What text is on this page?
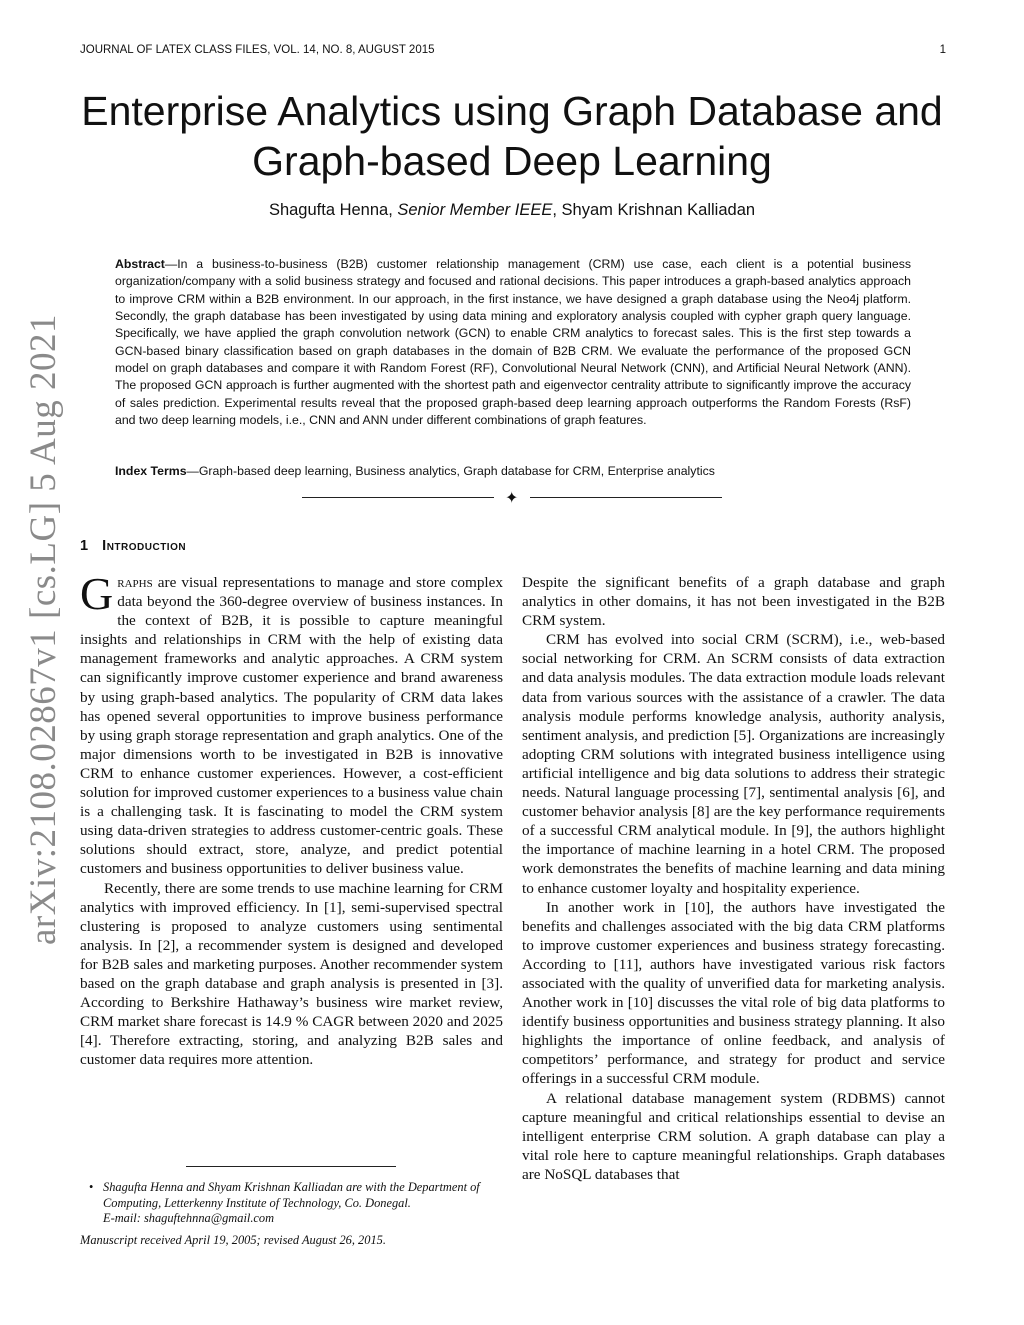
JOURNAL OF LATEX CLASS FILES, VOL. 14, NO. 8, AUGUST 2015	1
arXiv:2108.02867v1 [cs.LG] 5 Aug 2021
Enterprise Analytics using Graph Database and Graph-based Deep Learning
Shagufta Henna, Senior Member IEEE, Shyam Krishnan Kalliadan
Abstract—In a business-to-business (B2B) customer relationship management (CRM) use case, each client is a potential business organization/company with a solid business strategy and focused and rational decisions. This paper introduces a graph-based analytics approach to improve CRM within a B2B environment. In our approach, in the first instance, we have designed a graph database using the Neo4j platform. Secondly, the graph database has been investigated by using data mining and exploratory analysis coupled with cypher graph query language. Specifically, we have applied the graph convolution network (GCN) to enable CRM analytics to forecast sales. This is the first step towards a GCN-based binary classification based on graph databases in the domain of B2B CRM. We evaluate the performance of the proposed GCN model on graph databases and compare it with Random Forest (RF), Convolutional Neural Network (CNN), and Artificial Neural Network (ANN). The proposed GCN approach is further augmented with the shortest path and eigenvector centrality attribute to significantly improve the accuracy of sales prediction. Experimental results reveal that the proposed graph-based deep learning approach outperforms the Random Forests (RsF) and two deep learning models, i.e., CNN and ANN under different combinations of graph features.
Index Terms—Graph-based deep learning, Business analytics, Graph database for CRM, Enterprise analytics
✦
1 Introduction

Graphs are visual representations to manage and store complex data beyond the 360-degree overview of business instances. In the context of B2B, it is possible to capture meaningful insights and relationships in CRM with the help of existing data management frameworks and analytic approaches. A CRM system can significantly improve customer experience and brand awareness by using graph-based analytics. The popularity of CRM data lakes has opened several opportunities to improve business performance by using graph storage representation and graph analytics. One of the major dimensions worth to be investigated in B2B is innovative CRM to enhance customer experiences. However, a cost-efficient solution for improved customer experiences to a business value chain is a challenging task. It is fascinating to model the CRM system using data-driven strategies to address customer-centric goals. These solutions should extract, store, analyze, and predict potential customers and business opportunities to deliver business value.

Recently, there are some trends to use machine learning for CRM analytics with improved efficiency. In [1], semi-supervised spectral clustering is proposed to analyze customers using sentimental analysis. In [2], a recommender system is designed and developed for B2B sales and marketing purposes. Another recommender system based on the graph database and graph analysis is presented in [3]. According to Berkshire Hathaway’s business wire market review, CRM market share forecast is 14.9 % CAGR between 2020 and 2025 [4]. Therefore extracting, storing, and analyzing B2B sales and customer data requires more attention.

Despite the significant benefits of a graph database and graph analytics in other domains, it has not been investigated in the B2B CRM system.

CRM has evolved into social CRM (SCRM), i.e., web-based social networking for CRM. An SCRM consists of data extraction and data analysis modules. The data extraction module loads relevant data from various sources with the assistance of a crawler. The data analysis module performs knowledge analysis, authority analysis, sentiment analysis, and prediction [5]. Organizations are increasingly adopting CRM solutions with integrated business intelligence using artificial intelligence and big data solutions to address their strategic needs. Natural language processing [7], sentimental analysis [6], and customer behavior analysis [8] are the key performance requirements of a successful CRM analytical module. In [9], the authors highlight the importance of machine learning in a hotel CRM. The proposed work demonstrates the benefits of machine learning and data mining to enhance customer loyalty and hospitality experience.

In another work in [10], the authors have investigated the benefits and challenges associated with the big data CRM platforms to improve customer experiences and business strategy forecasting. According to [11], authors have investigated various risk factors associated with the quality of unverified data for marketing analysis. Another work in [10] discusses the vital role of big data platforms to identify business opportunities and business strategy planning. It also highlights the importance of online feedback, and analysis of competitors’ performance, and strategy for product and service offerings in a successful CRM module.

A relational database management system (RDBMS) cannot capture meaningful and critical relationships essential to devise an intelligent enterprise CRM solution. A graph database can play a vital role here to capture meaningful relationships. Graph databases are NoSQL databases that

• Shagufta Henna and Shyam Krishnan Kalliadan are with the Department of Computing, Letterkenny Institute of Technology, Co. Donegal.
E-mail: shaguftehnna@gmail.com
Manuscript received April 19, 2005; revised August 26, 2015.
